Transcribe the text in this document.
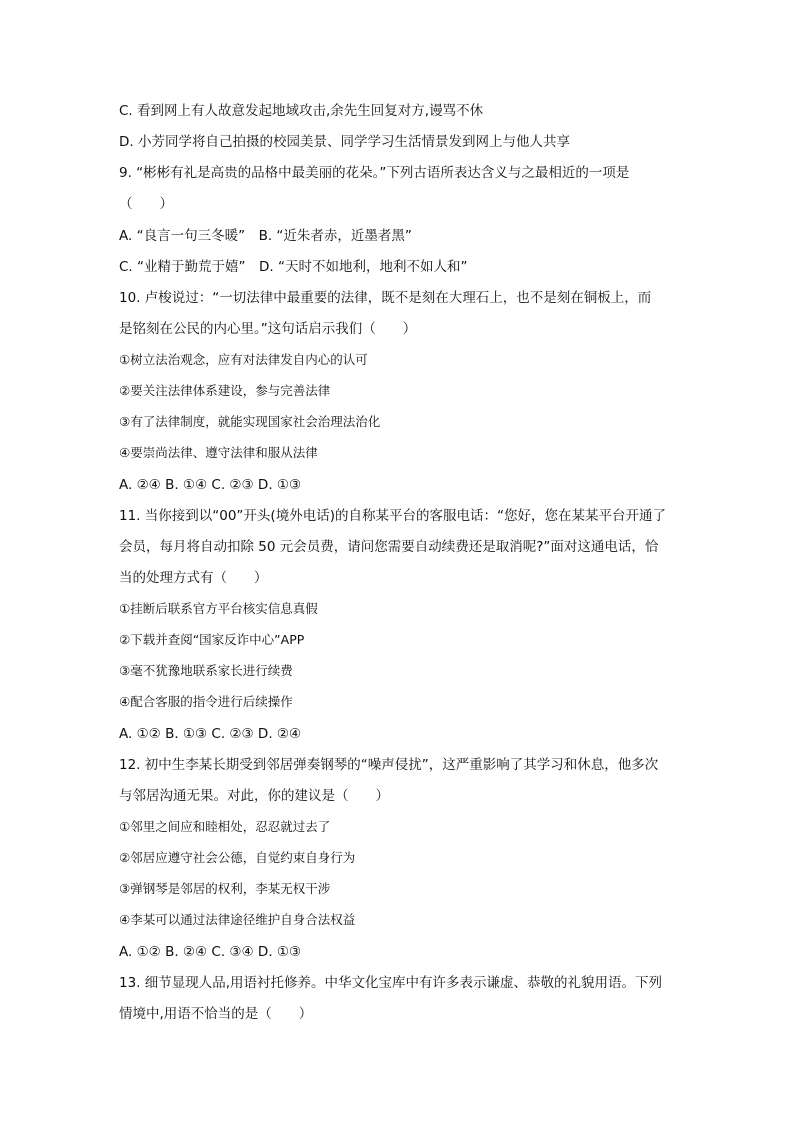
C. 看到网上有人故意发起地域攻击,余先生回复对方,谩骂不休
D. 小芳同学将自己拍摄的校园美景、同学学习生活情景发到网上与他人共享
9. “彬彬有礼是高贵的品格中最美丽的花朵。”下列古语所表达含义与之最相近的一项是
（　　）
A. “良言一句三冬暖”　B. “近朱者赤，近墨者黑”
C. “业精于勤荒于嬉”　D. “天时不如地利，地利不如人和”
10. 卢梭说过：“一切法律中最重要的法律，既不是刻在大理石上，也不是刻在铜板上，而
是铭刻在公民的内心里。”这句话启示我们（　　）
①树立法治观念，应有对法律发自内心的认可
②要关注法律体系建设，参与完善法律
③有了法律制度，就能实现国家社会治理法治化
④要崇尚法律、遵守法律和服从法律
A. ②④ B. ①④ C. ②③ D. ①③
11. 当你接到以“00”开头(境外电话)的自称某平台的客服电话：“您好，您在某某平台开通了
会员，每月将自动扣除 50 元会员费，请问您需要自动续费还是取消呢?”面对这通电话，恰
当的处理方式有（　　）
①挂断后联系官方平台核实信息真假
②下载并查阅“国家反诈中心”APP
③毫不犹豫地联系家长进行续费
④配合客服的指令进行后续操作
A. ①② B. ①③ C. ②③ D. ②④
12. 初中生李某长期受到邻居弹奏钢琴的“噪声侵扰”，这严重影响了其学习和休息，他多次
与邻居沟通无果。对此，你的建议是（　　）
①邻里之间应和睦相处，忍忍就过去了
②邻居应遵守社会公德，自觉约束自身行为
③弹钢琴是邻居的权利，李某无权干涉
④李某可以通过法律途径维护自身合法权益
A. ①② B. ②④ C. ③④ D. ①③
13. 细节显现人品,用语衬托修养。中华文化宝库中有许多表示谦虚、恭敬的礼貌用语。下列
情境中,用语不恰当的是（　　）
